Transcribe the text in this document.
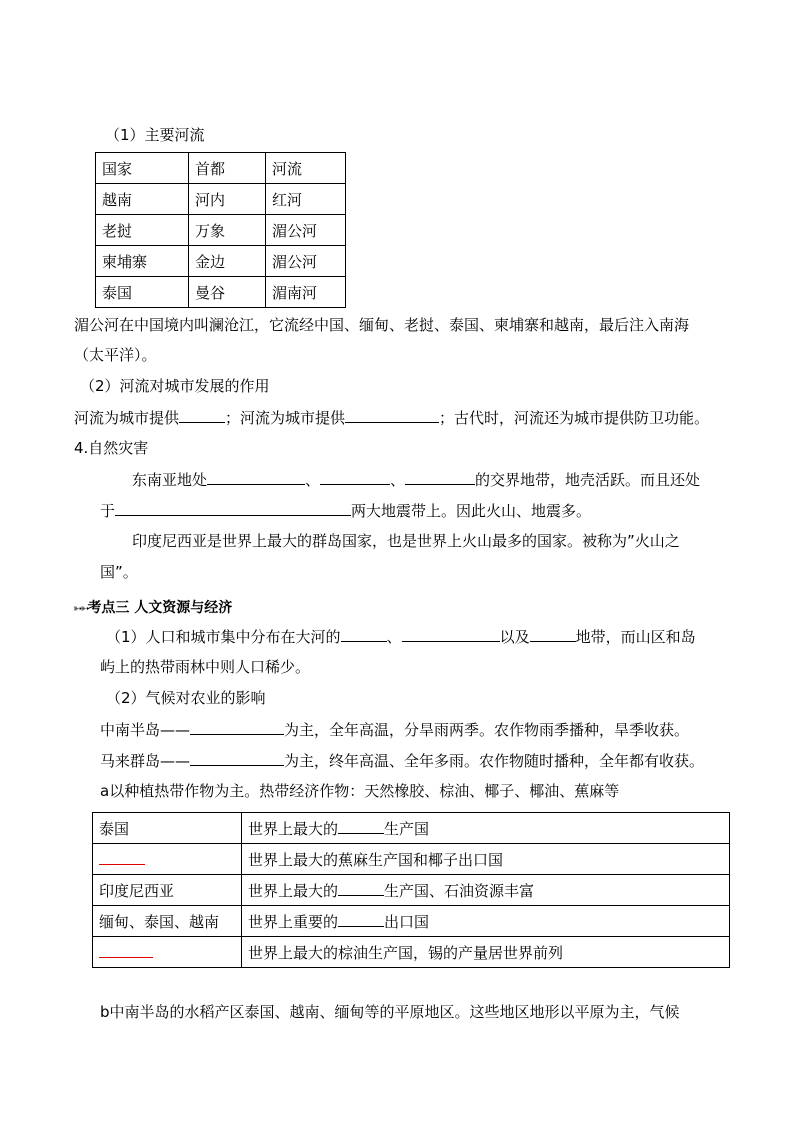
（1）主要河流
国家	首都	河流
越南	河内	红河
老挝	万象	湄公河
柬埔寨	金边	湄公河
泰国	曼谷	湄南河
湄公河在中国境内叫澜沧江，它流经中国、缅甸、老挝、泰国、柬埔寨和越南，最后注入南海
（太平洋）。
（2）河流对城市发展的作用
河流为城市提供	；河流为城市提供	；古代时，河流还为城市提供防卫功能。
4.自然灾害
东南亚地处	、	、	的交界地带，地壳活跃。而且还处
于	两大地震带上。因此火山、地震多。
印度尼西亚是世界上最大的群岛国家，也是世界上火山最多的国家。被称为”火山之
国”。
➳➳考点三 人文资源与经济
（1）人口和城市集中分布在大河的	、	以及	地带，而山区和岛
屿上的热带雨林中则人口稀少。
（2）气候对农业的影响
中南半岛——	为主，全年高温，分旱雨两季。农作物雨季播种，旱季收获。
马来群岛——	为主，终年高温、全年多雨。农作物随时播种，全年都有收获。
a以种植热带作物为主。热带经济作物：天然橡胶、棕油、椰子、椰油、蕉麻等
泰国	世界上最大的 生产国
	世界上最大的蕉麻生产国和椰子出口国
印度尼西亚	世界上最大的 生产国、石油资源丰富
缅甸、泰国、越南	世界上重要的 出口国
	世界上最大的棕油生产国，锡的产量居世界前列
b中南半岛的水稻产区泰国、越南、缅甸等的平原地区。这些地区地形以平原为主，气候
